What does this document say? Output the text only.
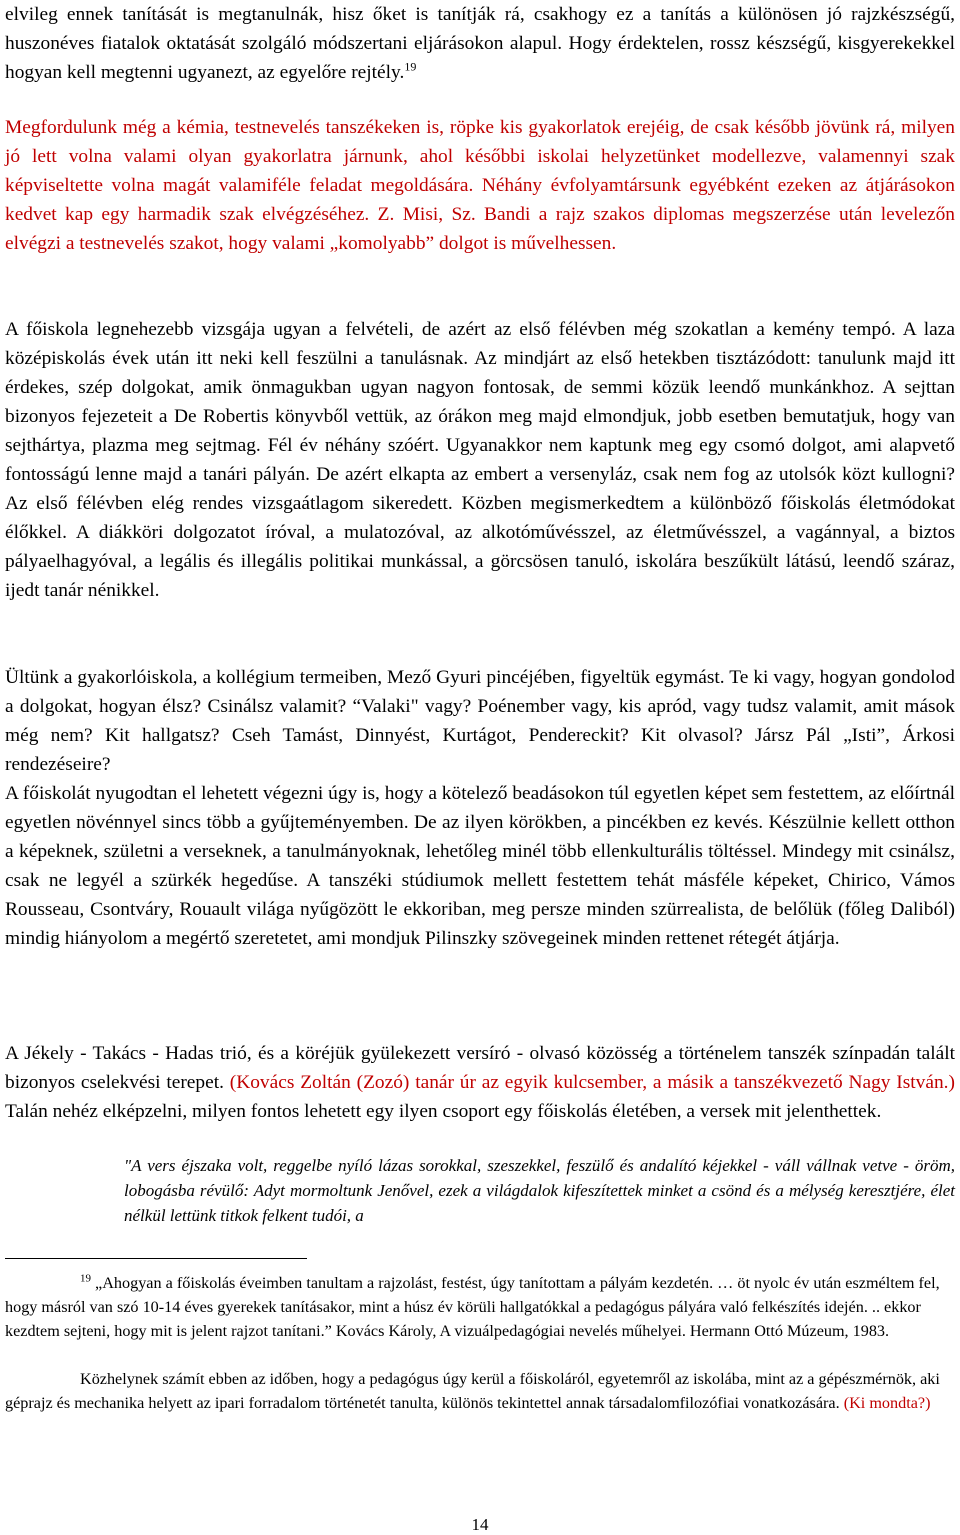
elvileg ennek tanítását is megtanulnák, hisz őket is tanítják rá, csakhogy ez a tanítás a különösen jó rajzkészségű, huszonéves fiatalok oktatását szolgáló módszertani eljárásokon alapul. Hogy érdektelen, rossz készségű, kisgyerekekkel hogyan kell megtenni ugyanezt, az egyelőre rejtély.$^{19}$

Megfordulunk még a kémia, testnevelés tanszékeken is, röpke kis gyakorlatok erejéig, de csak később jövünk rá, milyen jó lett volna valami olyan gyakorlatra járnunk, ahol későbbi iskolai helyzetünket modellezve, valamennyi szak képviseltette volna magát valamiféle feladat megoldására. Néhány évfolyamtársunk egyébként ezeken az átjárásokon kedvet kap egy harmadik szak elvégzéséhez. Z. Misi, Sz. Bandi a rajz szakos diplomas megszerzése után levelezőn elvégzi a testnevelés szakot, hogy valami „komolyabb” dolgot is művelhessen.

A főiskola legnehezebb vizsgája ugyan a felvételi, de azért az első félévben még szokatlan a kemény tempó. A laza középiskolás évek után itt neki kell feszülni a tanulásnak. Az mindjárt az első hetekben tisztázódott: tanulunk majd itt érdekes, szép dolgokat, amik önmagukban ugyan nagyon fontosak, de semmi közük leendő munkánkhoz. A sejttan bizonyos fejezeteit a De Robertis könyvből vettük, az órákon meg majd elmondjuk, jobb esetben bemutatjuk, hogy van sejthártya, plazma meg sejtmag. Fél év néhány szóért. Ugyanakkor nem kaptunk meg egy csomó dolgot, ami alapvető fontosságú lenne majd a tanári pályán. De azért elkapta az embert a versenyláz, csak nem fog az utolsók közt kullogni? Az első félévben elég rendes vizsgaátlagom sikeredett. Közben megismerkedtem a különböző főiskolás életmódokat élőkkel. A diákköri dolgozatot íróval, a mulatozóval, az alkotóművésszel, az életművésszel, a vagánnyal, a biztos pályaelhagyóval, a legális és illegális politikai munkással, a görcsösen tanuló, iskolára beszűkült látású, leendő száraz, ijedt tanár nénikkel.

Ültünk a gyakorlóiskola, a kollégium termeiben, Mező Gyuri pincéjében, figyeltük egymást. Te ki vagy, hogyan gondolod a dolgokat, hogyan élsz? Csinálsz valamit? “Valaki" vagy? Poénember vagy, kis apród, vagy tudsz valamit, amit mások még nem? Kit hallgatsz? Cseh Tamást, Dinnyést, Kurtágot, Pendereckit? Kit olvasol? Jársz Pál „Isti”, Árkosi rendezéseire?

A főiskolát nyugodtan el lehetett végezni úgy is, hogy a kötelező beadásokon túl egyetlen képet sem festettem, az előírtnál egyetlen növénnyel sincs több a gyűjteményemben. De az ilyen körökben, a pincékben ez kevés. Készülnie kellett otthon a képeknek, születni a verseknek, a tanulmányoknak, lehetőleg minél több ellenkulturális töltéssel. Mindegy mit csinálsz, csak ne legyél a szürkék hegedűse. A tanszéki stúdiumok mellett festettem tehát másféle képeket, Chirico, Vámos Rousseau, Csontváry, Rouault világa nyűgözött le ekkoriban, meg persze minden szürrealista, de belőlük (főleg Daliból) mindig hiányolom a megértő szeretetet, ami mondjuk Pilinszky szövegeinek minden rettenet rétegét átjárja.

A Jékely - Takács - Hadas trió, és a köréjük gyülekezett versíró - olvasó közösség a történelem tanszék színpadán talált bizonyos cselekvési terepet. (Kovács Zoltán (Zozó) tanár úr az egyik kulcsember, a másik a tanszékvezető Nagy István.) Talán nehéz elképzelni, milyen fontos lehetett egy ilyen csoport egy főiskolás életében, a versek mit jelenthettek.

"A vers éjszaka volt, reggelbe nyíló lázas sorokkal, szeszekkel, feszülő és andalító kéjekkel - váll vállnak vetve - öröm, lobogásba révülő: Adyt mormoltunk Jenővel, ezek a világdalok kifeszítettek minket a csönd és a mélység keresztjére, élet nélkül lettünk titkok felkent tudói, a

$^{19}$ „Ahogyan a főiskolás éveimben tanultam a rajzolást, festést, úgy tanítottam a pályám kezdetén. … öt nyolc év után eszméltem fel, hogy másról van szó 10-14 éves gyerekek tanításakor, mint a húsz év körüli hallgatókkal a pedagógus pályára való felkészítés idején. .. ekkor kezdtem sejteni, hogy mit is jelent rajzot tanítani.” Kovács Károly, A vizuálpedagógiai nevelés műhelyei. Hermann Ottó Múzeum, 1983.

Közhelynek számít ebben az időben, hogy a pedagógus úgy kerül a főiskoláról, egyetemről az iskolába, mint az a gépészmérnök, aki géprajz és mechanika helyett az ipari forradalom történetét tanulta, különös tekintettel annak társadalomfilozófiai vonatkozására. (Ki mondta?)

14
